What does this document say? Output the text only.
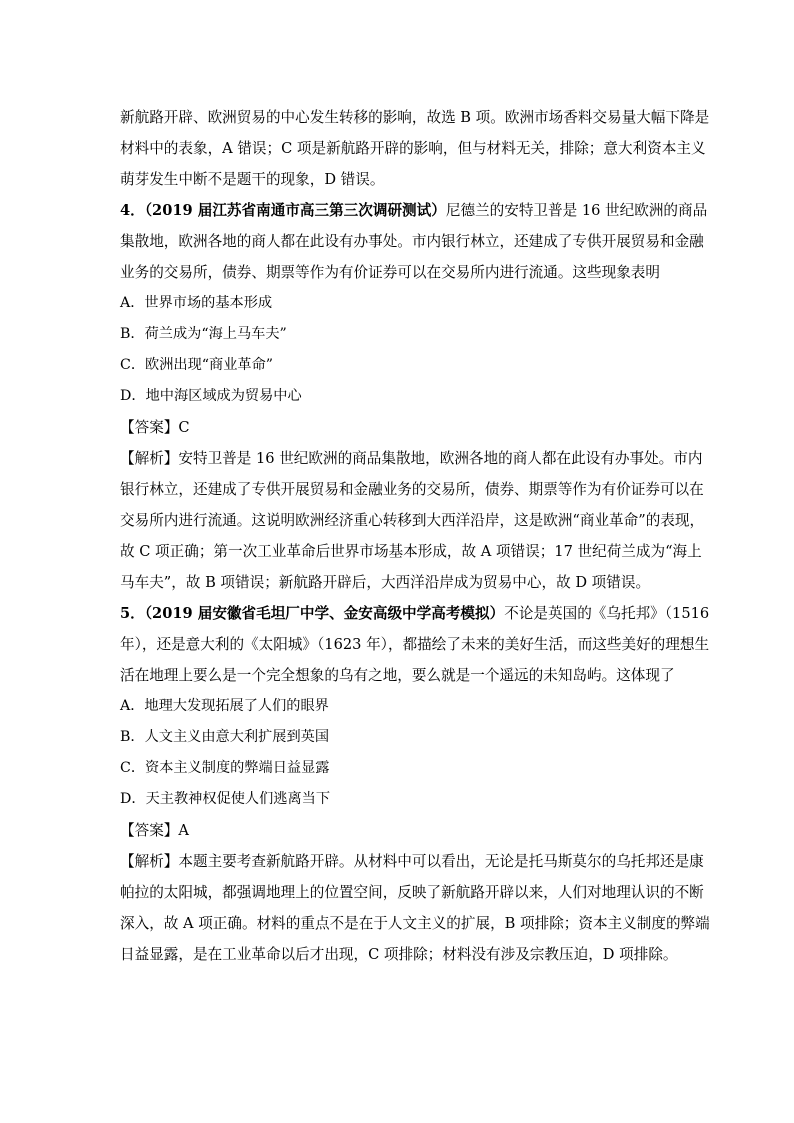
新航路开辟、欧洲贸易的中心发生转移的影响，故选 B 项。欧洲市场香料交易量大幅下降是
材料中的表象，A 错误；C 项是新航路开辟的影响，但与材料无关，排除；意大利资本主义
萌芽发生中断不是题干的现象，D 错误。
4．（2019 届江苏省南通市高三第三次调研测试）尼德兰的安特卫普是 16 世纪欧洲的商品
集散地，欧洲各地的商人都在此设有办事处。市内银行林立，还建成了专供开展贸易和金融
业务的交易所，债券、期票等作为有价证券可以在交易所内进行流通。这些现象表明
A．世界市场的基本形成
B．荷兰成为“海上马车夫”
C．欧洲出现“商业革命”
D．地中海区域成为贸易中心
【答案】C
【解析】安特卫普是 16 世纪欧洲的商品集散地，欧洲各地的商人都在此设有办事处。市内
银行林立，还建成了专供开展贸易和金融业务的交易所，债券、期票等作为有价证券可以在
交易所内进行流通。这说明欧洲经济重心转移到大西洋沿岸，这是欧洲“商业革命”的表现，
故 C 项正确；第一次工业革命后世界市场基本形成，故 A 项错误；17 世纪荷兰成为“海上
马车夫”，故 B 项错误；新航路开辟后，大西洋沿岸成为贸易中心，故 D 项错误。
5．（2019 届安徽省毛坦厂中学、金安高级中学高考模拟）不论是英国的《乌托邦》（1516
年），还是意大利的《太阳城》（1623 年），都描绘了未来的美好生活，而这些美好的理想生
活在地理上要么是一个完全想象的乌有之地，要么就是一个遥远的未知岛屿。这体现了
A．地理大发现拓展了人们的眼界
B．人文主义由意大利扩展到英国
C．资本主义制度的弊端日益显露
D．天主教神权促使人们逃离当下
【答案】A
【解析】本题主要考查新航路开辟。从材料中可以看出，无论是托马斯莫尔的乌托邦还是康
帕拉的太阳城，都强调地理上的位置空间，反映了新航路开辟以来，人们对地理认识的不断
深入，故 A 项正确。材料的重点不是在于人文主义的扩展，B 项排除；资本主义制度的弊端
日益显露，是在工业革命以后才出现，C 项排除；材料没有涉及宗教压迫，D 项排除。
